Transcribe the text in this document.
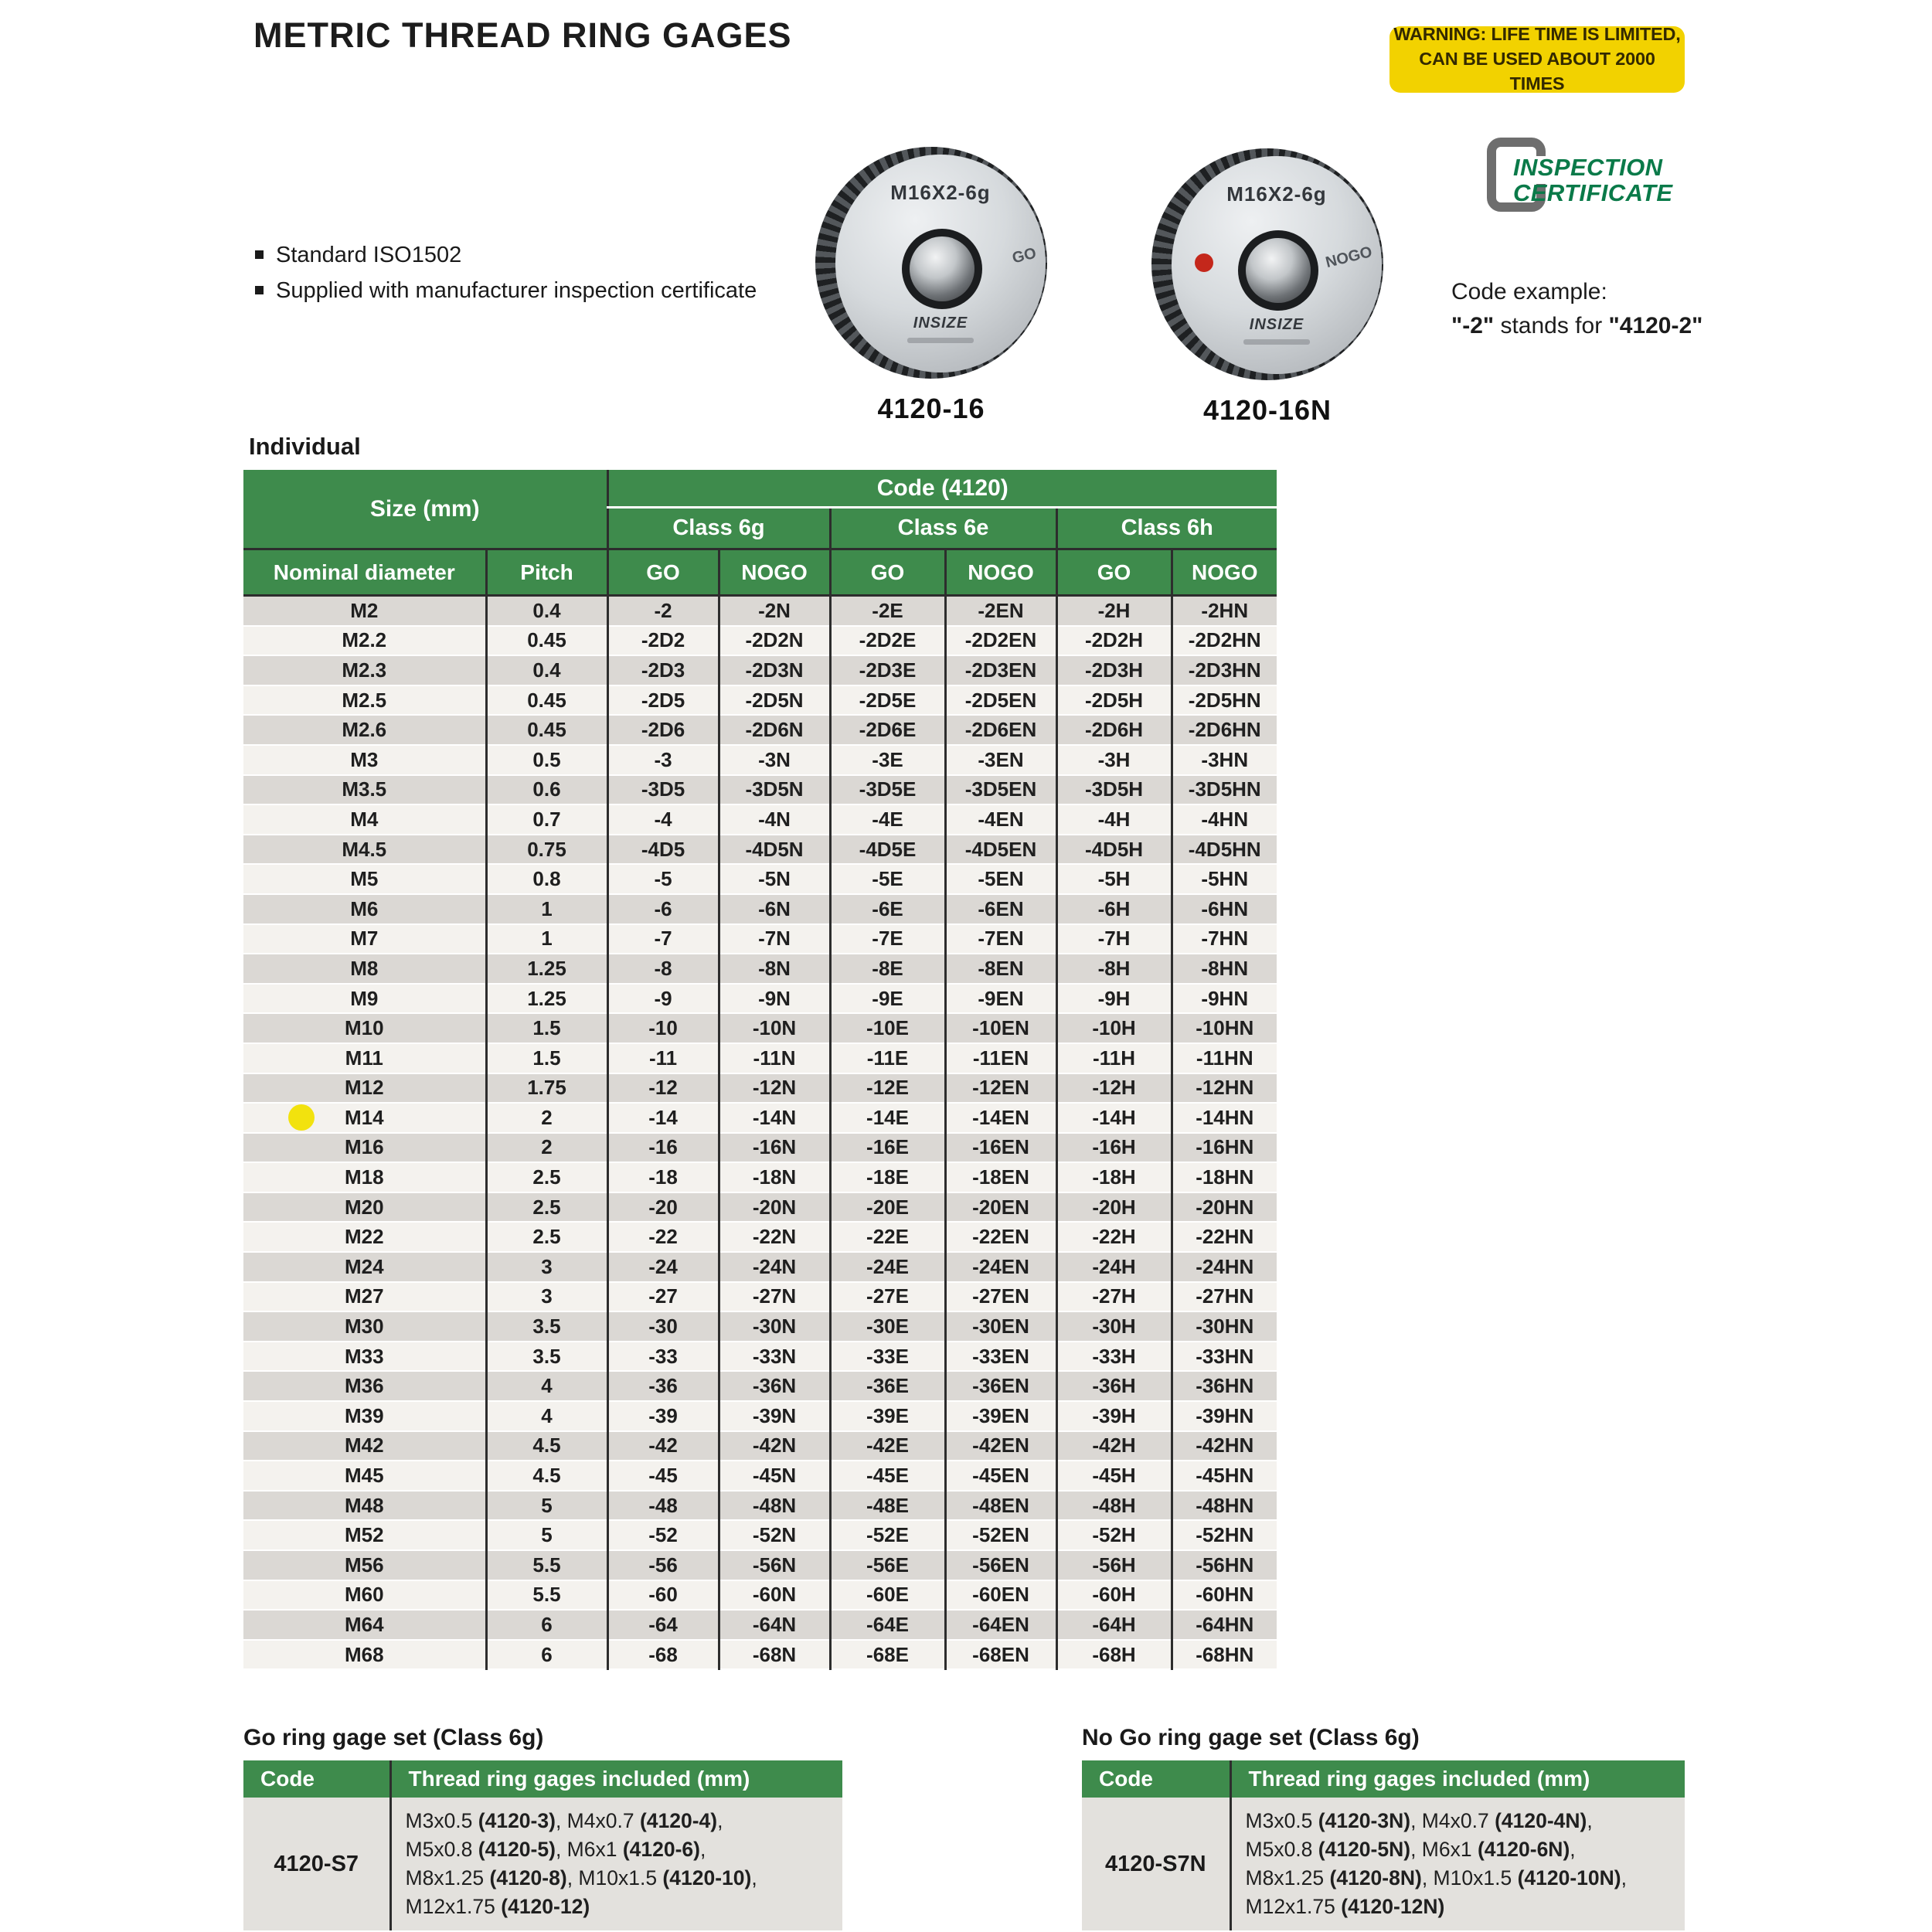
METRIC THREAD RING GAGES	WARNING: LIFE TIME IS LIMITED,
CAN BE USED ABOUT 2000 TIMES
Standard ISO1502
Supplied with manufacturer inspection certificate
M16X2-6g
GO
INSIZE
4120-16
M16X2-6g
NOGO
INSIZE
4120-16N
INSPECTION
CERTIFICATE
Code example:
"-2" stands for "4120-2"
Individual
Size (mm)		Code (4120)					
		Class 6g		Class 6e		Class 6h	
Nominal diameter	Pitch	GO	NOGO	GO	NOGO	GO	NOGO
M2	0.4	-2	-2N	-2E	-2EN	-2H	-2HN
M2.2	0.45	-2D2	-2D2N	-2D2E	-2D2EN	-2D2H	-2D2HN
M2.3	0.4	-2D3	-2D3N	-2D3E	-2D3EN	-2D3H	-2D3HN
M2.5	0.45	-2D5	-2D5N	-2D5E	-2D5EN	-2D5H	-2D5HN
M2.6	0.45	-2D6	-2D6N	-2D6E	-2D6EN	-2D6H	-2D6HN
M3	0.5	-3	-3N	-3E	-3EN	-3H	-3HN
M3.5	0.6	-3D5	-3D5N	-3D5E	-3D5EN	-3D5H	-3D5HN
M4	0.7	-4	-4N	-4E	-4EN	-4H	-4HN
M4.5	0.75	-4D5	-4D5N	-4D5E	-4D5EN	-4D5H	-4D5HN
M5	0.8	-5	-5N	-5E	-5EN	-5H	-5HN
M6	1	-6	-6N	-6E	-6EN	-6H	-6HN
M7	1	-7	-7N	-7E	-7EN	-7H	-7HN
M8	1.25	-8	-8N	-8E	-8EN	-8H	-8HN
M9	1.25	-9	-9N	-9E	-9EN	-9H	-9HN
M10	1.5	-10	-10N	-10E	-10EN	-10H	-10HN
M11	1.5	-11	-11N	-11E	-11EN	-11H	-11HN
M12	1.75	-12	-12N	-12E	-12EN	-12H	-12HN
M14	2	-14	-14N	-14E	-14EN	-14H	-14HN
M16	2	-16	-16N	-16E	-16EN	-16H	-16HN
M18	2.5	-18	-18N	-18E	-18EN	-18H	-18HN
M20	2.5	-20	-20N	-20E	-20EN	-20H	-20HN
M22	2.5	-22	-22N	-22E	-22EN	-22H	-22HN
M24	3	-24	-24N	-24E	-24EN	-24H	-24HN
M27	3	-27	-27N	-27E	-27EN	-27H	-27HN
M30	3.5	-30	-30N	-30E	-30EN	-30H	-30HN
M33	3.5	-33	-33N	-33E	-33EN	-33H	-33HN
M36	4	-36	-36N	-36E	-36EN	-36H	-36HN
M39	4	-39	-39N	-39E	-39EN	-39H	-39HN
M42	4.5	-42	-42N	-42E	-42EN	-42H	-42HN
M45	4.5	-45	-45N	-45E	-45EN	-45H	-45HN
M48	5	-48	-48N	-48E	-48EN	-48H	-48HN
M52	5	-52	-52N	-52E	-52EN	-52H	-52HN
M56	5.5	-56	-56N	-56E	-56EN	-56H	-56HN
M60	5.5	-60	-60N	-60E	-60EN	-60H	-60HN
M64	6	-64	-64N	-64E	-64EN	-64H	-64HN
M68	6	-68	-68N	-68E	-68EN	-68H	-68HN
Go ring gage set (Class 6g)
Code	Thread ring gages included (mm)
4120-S7	M3x0.5 (4120-3), M4x0.7 (4120-4),
M5x0.8 (4120-5), M6x1 (4120-6),
M8x1.25 (4120-8), M10x1.5 (4120-10),
M12x1.75 (4120-12)
No Go ring gage set (Class 6g)
Code	Thread ring gages included (mm)
4120-S7N	M3x0.5 (4120-3N), M4x0.7 (4120-4N),
M5x0.8 (4120-5N), M6x1 (4120-6N),
M8x1.25 (4120-8N), M10x1.5 (4120-10N),
M12x1.75 (4120-12N)
